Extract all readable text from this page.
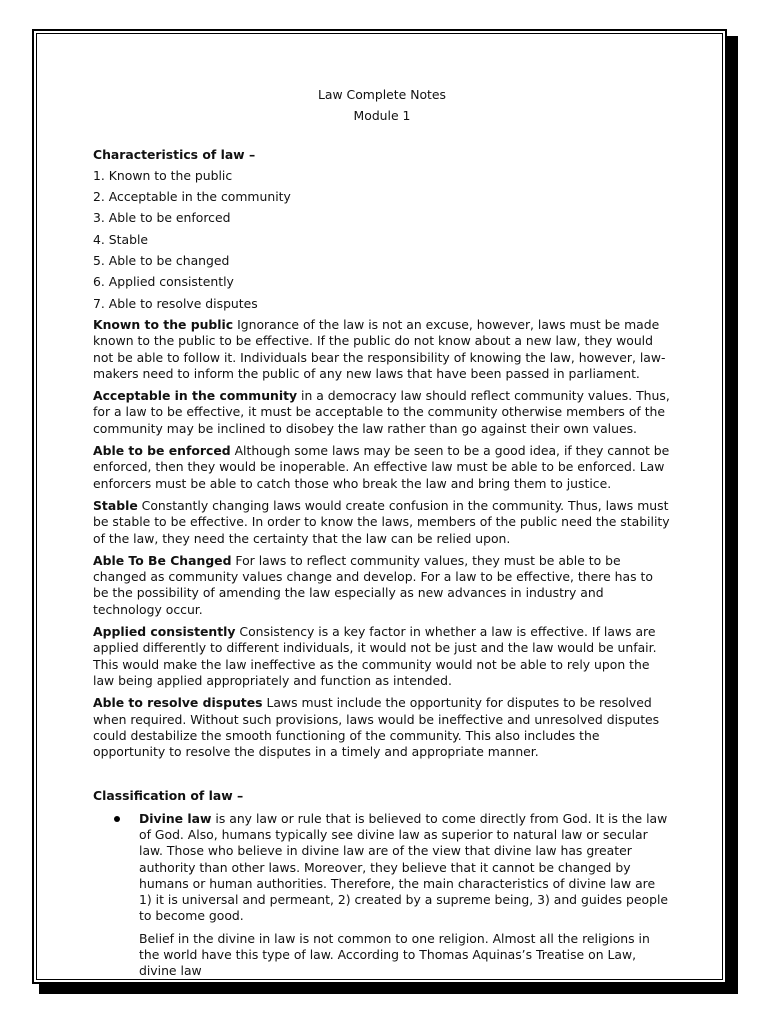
Law Complete Notes

Module 1

Characteristics of law –

1. Known to the public
2. Acceptable in the community
3. Able to be enforced
4. Stable
5. Able to be changed
6. Applied consistently
7. Able to resolve disputes

Known to the public Ignorance of the law is not an excuse, however, laws must be made known to the public to be effective. If the public do not know about a new law, they would not be able to follow it. Individuals bear the responsibility of knowing the law, however, law-makers need to inform the public of any new laws that have been passed in parliament.

Acceptable in the community in a democracy law should reflect community values. Thus, for a law to be effective, it must be acceptable to the community otherwise members of the community may be inclined to disobey the law rather than go against their own values.

Able to be enforced Although some laws may be seen to be a good idea, if they cannot be enforced, then they would be inoperable. An effective law must be able to be enforced. Law enforcers must be able to catch those who break the law and bring them to justice.

Stable Constantly changing laws would create confusion in the community. Thus, laws must be stable to be effective. In order to know the laws, members of the public need the stability of the law, they need the certainty that the law can be relied upon.

Able To Be Changed For laws to reflect community values, they must be able to be changed as community values change and develop. For a law to be effective, there has to be the possibility of amending the law especially as new advances in industry and technology occur.

Applied consistently Consistency is a key factor in whether a law is effective. If laws are applied differently to different individuals, it would not be just and the law would be unfair. This would make the law ineffective as the community would not be able to rely upon the law being applied appropriately and function as intended.

Able to resolve disputes Laws must include the opportunity for disputes to be resolved when required. Without such provisions, laws would be ineffective and unresolved disputes could destabilize the smooth functioning of the community. This also includes the opportunity to resolve the disputes in a timely and appropriate manner.

Classification of law –

Divine law is any law or rule that is believed to come directly from God. It is the law of God. Also, humans typically see divine law as superior to natural law or secular law. Those who believe in divine law are of the view that divine law has greater authority than other laws. Moreover, they believe that it cannot be changed by humans or human authorities. Therefore, the main characteristics of divine law are 1) it is universal and permeant, 2) created by a supreme being, 3) and guides people to become good.

Belief in the divine in law is not common to one religion. Almost all the religions in the world have this type of law. According to Thomas Aquinas’s Treatise on Law, divine law
